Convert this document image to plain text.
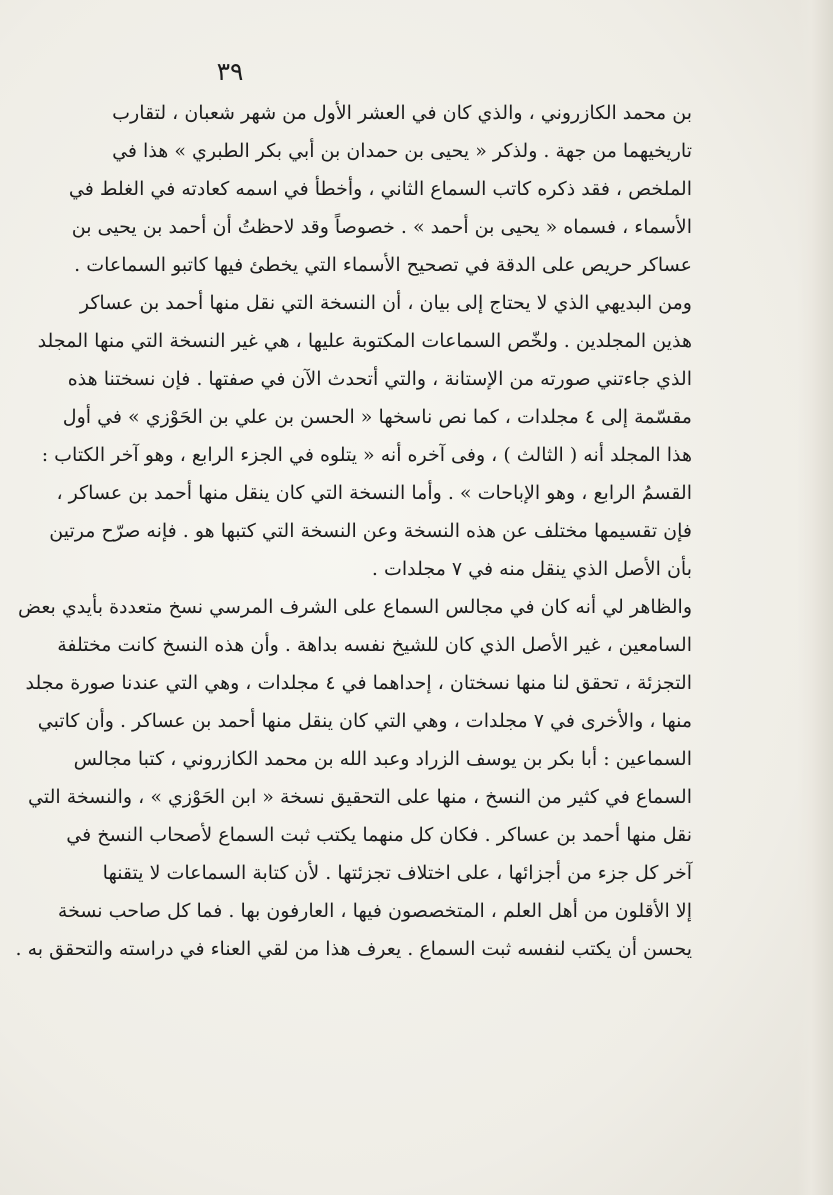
٣٩
بن محمد الكازروني ، والذي كان في العشر الأول من شهر شعبان ، لتقارب
تاريخيهما من جهة . ولذكر « يحيى بن حمدان بن أبي بكر الطبري » هذا في
الملخص ، فقد ذكره كاتب السماع الثاني ، وأخطأ في اسمه كعادته في الغلط في
الأسماء ، فسماه « يحيى بن أحمد » . خصوصاً وقد لاحظتُ أن أحمد بن يحيى بن
عساكر حريص على الدقة في تصحيح الأسماء التي يخطئ فيها كاتبو السماعات .
ومن البديهي الذي لا يحتاج إلى بيان ، أن النسخة التي نقل منها أحمد بن عساكر
هذين المجلدين . ولخّص السماعات المكتوبة عليها ، هي غير النسخة التي منها المجلد
الذي جاءتني صورته من الإستانة ، والتي أتحدث الآن في صفتها . فإن نسختنا هذه
مقسّمة إلى ٤ مجلدات ، كما نص ناسخها « الحسن بن علي بن الحَوْزي » في أول
هذا المجلد أنه ( الثالث ) ، وفى آخره أنه « يتلوه في الجزء الرابع ، وهو آخر الكتاب :
القسمُ الرابع ، وهو الإباحات » . وأما النسخة التي كان ينقل منها أحمد بن عساكر ،
فإن تقسيمها مختلف عن هذه النسخة وعن النسخة التي كتبها هو . فإنه صرّح مرتين
بأن الأصل الذي ينقل منه في ٧ مجلدات .
والظاهر لي أنه كان في مجالس السماع على الشرف المرسي نسخ متعددة بأيدي بعض
السامعين ، غير الأصل الذي كان للشيخ نفسه بداهة . وأن هذه النسخ كانت مختلفة
التجزئة ، تحقق لنا منها نسختان ، إحداهما في ٤ مجلدات ، وهي التي عندنا صورة مجلد
منها ، والأخرى في ٧ مجلدات ، وهي التي كان ينقل منها أحمد بن عساكر . وأن كاتبي
السماعين : أبا بكر بن يوسف الزراد وعبد الله بن محمد الكازروني ، كتبا مجالس
السماع في كثير من النسخ ، منها على التحقيق نسخة « ابن الحَوْزي » ، والنسخة التي
نقل منها أحمد بن عساكر . فكان كل منهما يكتب ثبت السماع لأصحاب النسخ في
آخر كل جزء من أجزائها ، على اختلاف تجزئتها . لأن كتابة السماعات لا يتقنها
إلا الأقلون من أهل العلم ، المتخصصون فيها ، العارفون بها . فما كل صاحب نسخة
يحسن أن يكتب لنفسه ثبت السماع . يعرف هذا من لقي العناء في دراسته والتحقق به .
